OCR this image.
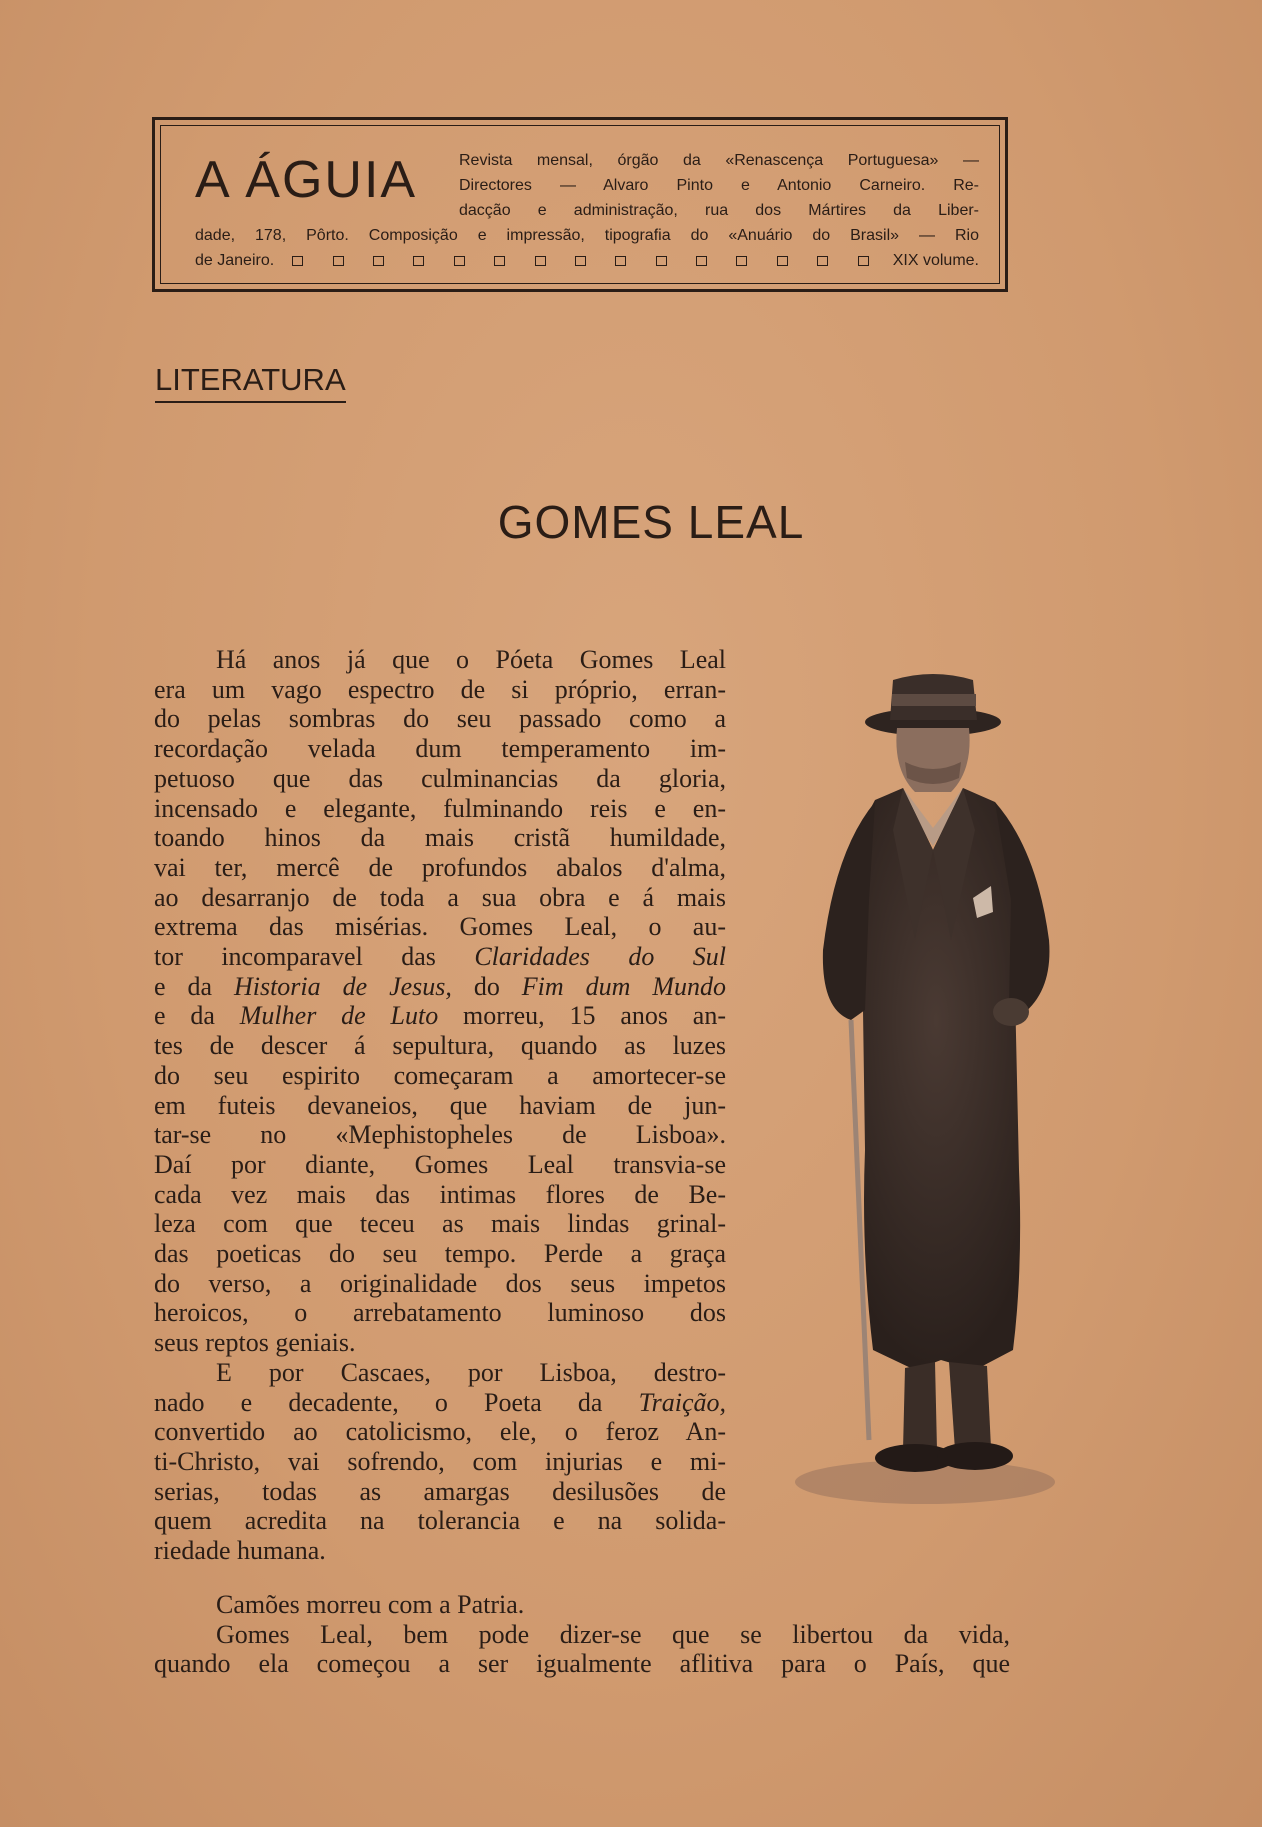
A ÁGUIA	Revista mensal, órgão da «Renascença Portuguesa» —
Directores — Alvaro Pinto e Antonio Carneiro. Re-
dacção e administração, rua dos Mártires da Liber-
dade, 178, Pôrto. Composição e impressão, tipografia do «Anuário do Brasil» — Rio
de Janeiro.	XIX volume.
LITERATURA
GOMES LEAL
Há anos já que o Póeta Gomes Leal
era um vago espectro de si próprio, erran-
do pelas sombras do seu passado como a
recordação velada dum temperamento im-
petuoso que das culminancias da gloria,
incensado e elegante, fulminando reis e en-
toando hinos da mais cristã humildade,
vai ter, mercê de profundos abalos d'alma,
ao desarranjo de toda a sua obra e á mais
extrema das misérias. Gomes Leal, o au-
tor incomparavel das Claridades do Sul
e da Historia de Jesus, do Fim dum Mundo
e da Mulher de Luto morreu, 15 anos an-
tes de descer á sepultura, quando as luzes
do seu espirito começaram a amortecer-se
em futeis devaneios, que haviam de jun-
tar-se no «Mephistopheles de Lisboa».
Daí por diante, Gomes Leal transvia-se
cada vez mais das intimas flores de Be-
leza com que teceu as mais lindas grinal-
das poeticas do seu tempo. Perde a graça
do verso, a originalidade dos seus impetos
heroicos, o arrebatamento luminoso dos
seus reptos geniais.
E por Cascaes, por Lisboa, destro-
nado e decadente, o Poeta da Traição,
convertido ao catolicismo, ele, o feroz An-
ti-Christo, vai sofrendo, com injurias e mi-
serias, todas as amargas desilusões de
quem acredita na tolerancia e na solida-
riedade humana.
Camões morreu com a Patria.
Gomes Leal, bem pode dizer-se que se libertou da vida,
quando ela começou a ser igualmente aflitiva para o País, que
